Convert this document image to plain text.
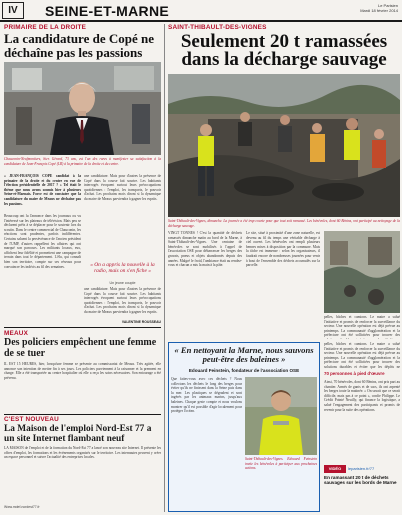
IV	SEINE-ET-MARNE	Le Parisien
Mardi 18 février 2014
PRIMAIRE DE LA DROITE
La candidature de Copé ne déchaîne pas les passions
Chauconin-Neufmontiers, hier. Gérard, 73 ans, est l'un des rares à manifester sa satisfaction à la candidature de Jean-François Copé (LR) à la primaire de la droite et du centre.
« JEAN-FRANÇOIS COPÉ candidat à la primaire de la droite et du centre en vue de l'élection présidentielle de 2017 ? » Tel était le thème que nous avons soumis hier à plusieurs Seine-et-Marnais. Force est de constater que la candidature du maire de Meaux ne déchaîne pas les passions.
Beaucoup ont lu l'annonce dans les journaux ou vu l'intéressé sur les plateaux de télévision. Mais peu se déclarent prêts à se déplacer pour le soutenir lors du scrutin. Dans le centre commercial de Chauconin, les réactions sont prudentes, parfois indifférentes. Certains saluent la persévérance de l'ancien président de l'UMP, d'autres rappellent les affaires qui ont marqué son parcours. Les militants locaux, eux, affichent leur fidélité et promettent une campagne de terrain dans tout le département. L'élu, qui connaît bien son territoire, compte sur ses réseaux pour convaincre les indécis au fil des semaines.	« On a appris la nouvelle à la radio, mais on s'en fiche »
Un jeune couple
une candidature. Mais pour d'autres la présence de Copé dans la course fait sourire. Les habitants interrogés évoquent surtout leurs préoccupations quotidiennes : l'emploi, les transports, le pouvoir d'achat. Les prochains mois diront si la dynamique du maire de Meaux parviendra à gagner les esprits.
une candidature. Mais pour d'autres la présence de Copé dans la course fait sourire. Les habitants interrogés évoquent surtout leurs préoccupations quotidiennes : l'emploi, les transports, le pouvoir d'achat. Les prochains mois diront si la dynamique du maire de Meaux parviendra à gagner les esprits.
VALENTINE ROUSSEAU
MEAUX
Des policiers empêchent une femme de se tuer
IL EST 15 HEURES, hier, lorsqu'une femme se présente au commissariat de Meaux. Très agitée, elle annonce son intention de mettre fin à ses jours. Les policiers parviennent à la raisonner et la prennent en charge. Elle a été transportée au centre hospitalier où elle a reçu les soins nécessaires. Son entourage a été prévenu.
C'EST NOUVEAU
La Maison de l'emploi Nord-Est 77 a un site Internet flambant neuf
LA MAISON de l'emploi et de la formation du Nord-Est 77 a lancé son nouveau site Internet. Il présente les offres d'emploi, les formations et les événements organisés sur le territoire. Les internautes peuvent y créer un espace personnel et suivre l'actualité des entreprises locales.
Www.mdef-nordest77.fr
SAINT-THIBAULT-DES-VIGNES
Seulement 20 t ramassées dans la décharge sauvage
Saint-Thibault-des-Vignes, dimanche. La journée a été trop courte pour que tout soit ramassé. Les bénévoles, dont 60 Bénins, ont participé au nettoyage de la décharge sauvage.
VINGT TONNES ! C'est la quantité de déchets ramassés dimanche matin au bord de la Marne, à Saint-Thibault-des-Vignes. Une centaine de bénévoles se sont mobilisés à l'appel de l'association OSE pour débarrasser les berges des gravats, pneus et objets abandonnés depuis des années. Malgré le froid, l'ambiance était au rendez-vous et chacun a mis la main à la pâte.
Le site, situé à proximité d'une zone naturelle, est devenu au fil du temps une véritable décharge à ciel ouvert. Les bénévoles ont rempli plusieurs bennes mises à disposition par la commune. Mais la tâche est immense : selon les organisateurs, il faudrait encore de nombreuses journées pour venir à bout de l'ensemble des déchets accumulés sur la parcelle.
pelles, bâches et camions. Le maire a salué l'initiative et promis de renforcer la surveillance du secteur. Une nouvelle opération est déjà prévue au printemps. La communauté d'agglomération et la préfecture ont été sollicitées pour trouver des
« En nettoyant la Marne, nous sauvons peut-être des baleines »
Edouard Feinstein, fondateur de l'association OSE
Que faites-vous avec ces déchets ? Nous collectons les déchets le long des berges pour éviter qu'ils ne finissent dans la Seine puis dans la mer. Les plastiques se dégradent et sont ingérés par les animaux marins, jusqu'aux baleines. Chaque geste compte et nous voulons montrer qu'il est possible d'agir localement pour protéger l'océan.
Saint-Thibault-des-Vignes. Edouard Feinstein invite les bénévoles à participer aux prochaines actions.
pelles, bâches et camions. Le maire a salué l'initiative et promis de renforcer la surveillance du secteur. Une nouvelle opération est déjà prévue au printemps. La communauté d'agglomération et la préfecture ont été sollicitées pour trouver des solutions durables et éviter que les dépôts ne
70 personnes à pied d'œuvre
Ainsi, 70 bénévoles, dont 60 Bénins, ont pris part au chantier. Armés de gants et de sacs, ils ont arpenté les berges toute la matinée. « On savait que ce serait difficile, mais pas à ce point », confie Philippe. Le Crédit Pointé Neuilly, qui finance la logistique, a salué l'engagement des participants et promis de revenir pour la suite des opérations.
VIDÉO	leparisien.fr/77
En ramassant 20 t de déchets sauvages sur les bords de Marne
